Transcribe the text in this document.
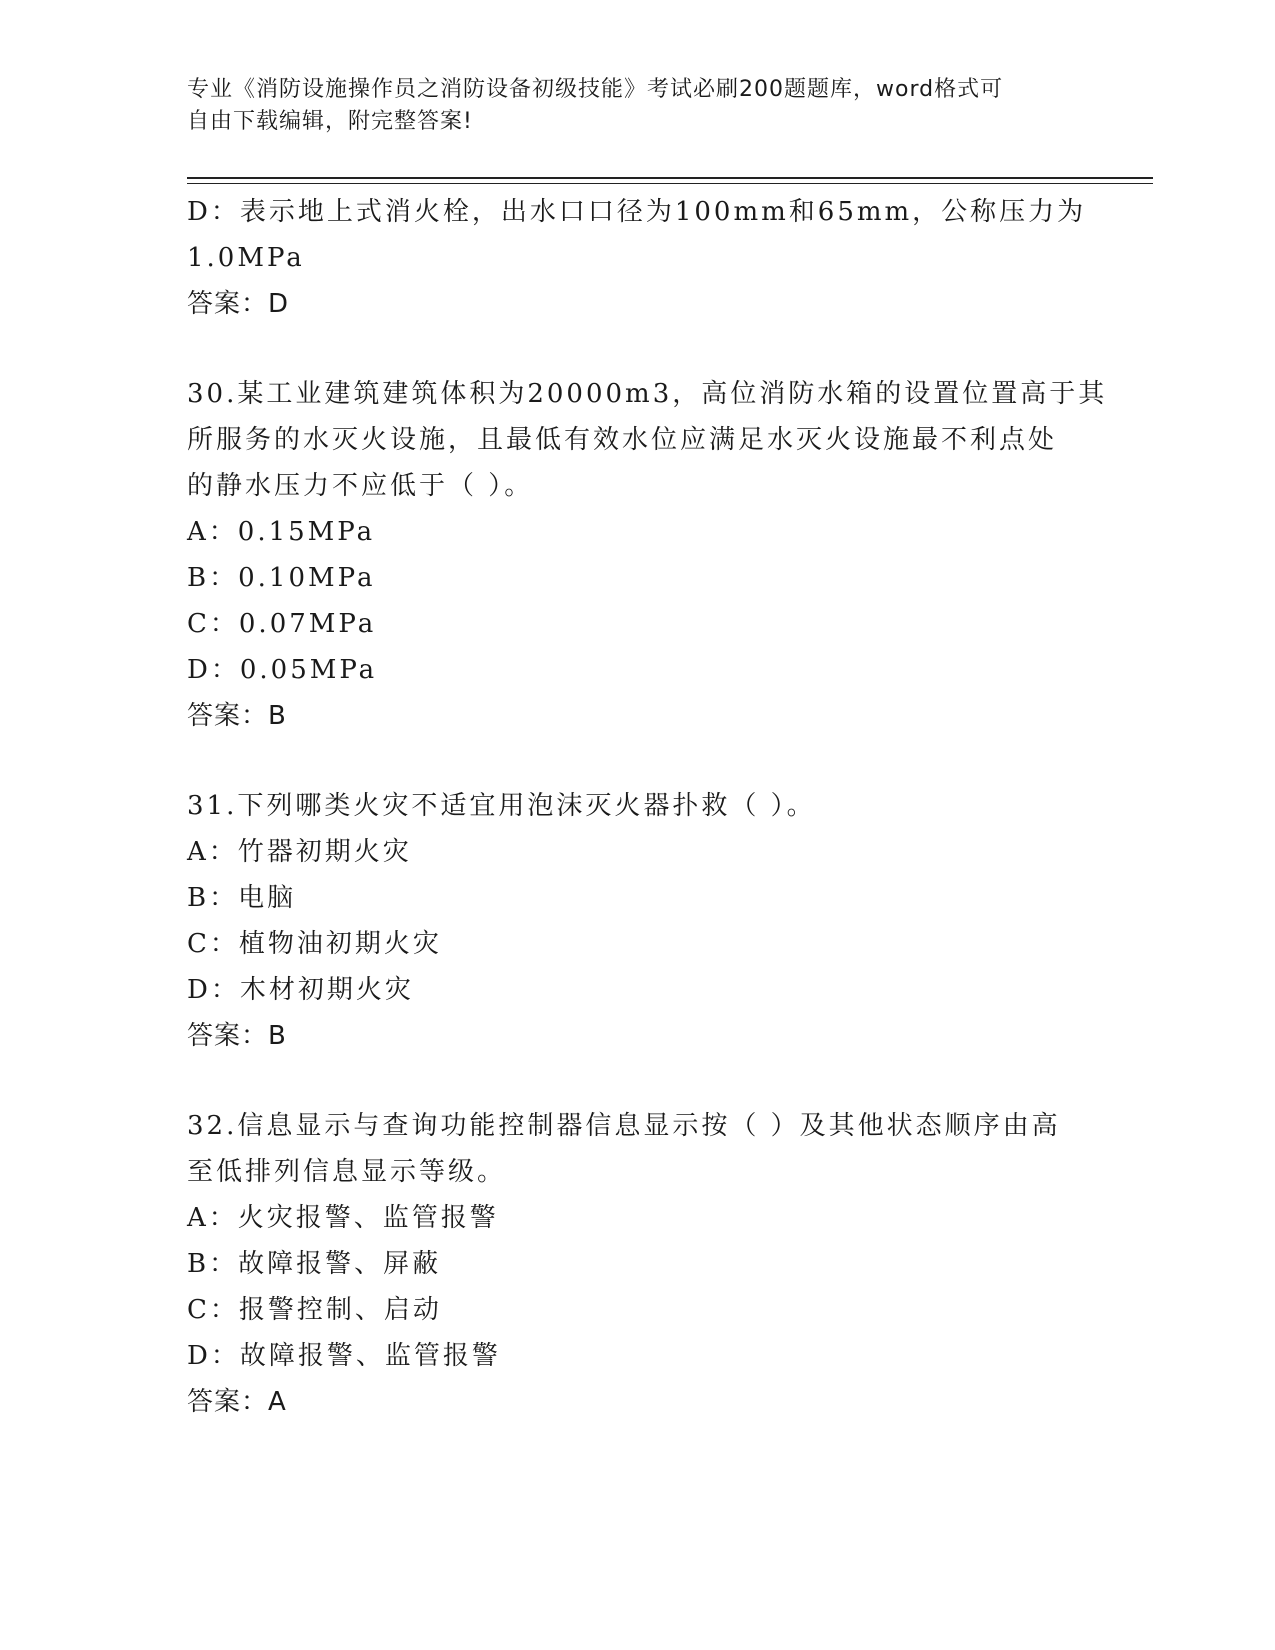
专业《消防设施操作员之消防设备初级技能》考试必刷200题题库，word格式可
自由下载编辑，附完整答案!
D：表示地上式消火栓，出水口口径为100mm和65mm，公称压力为
1.0MPa
答案：D
30.某工业建筑建筑体积为20000m3，高位消防水箱的设置位置高于其
所服务的水灭火设施，且最低有效水位应满足水灭火设施最不利点处
的静水压力不应低于（ ）。
A：0.15MPa
B：0.10MPa
C：0.07MPa
D：0.05MPa
答案：B
31.下列哪类火灾不适宜用泡沫灭火器扑救（ ）。
A：竹器初期火灾
B：电脑
C：植物油初期火灾
D：木材初期火灾
答案：B
32.信息显示与查询功能控制器信息显示按（ ）及其他状态顺序由高
至低排列信息显示等级。
A：火灾报警、监管报警
B：故障报警、屏蔽
C：报警控制、启动
D：故障报警、监管报警
答案：A
